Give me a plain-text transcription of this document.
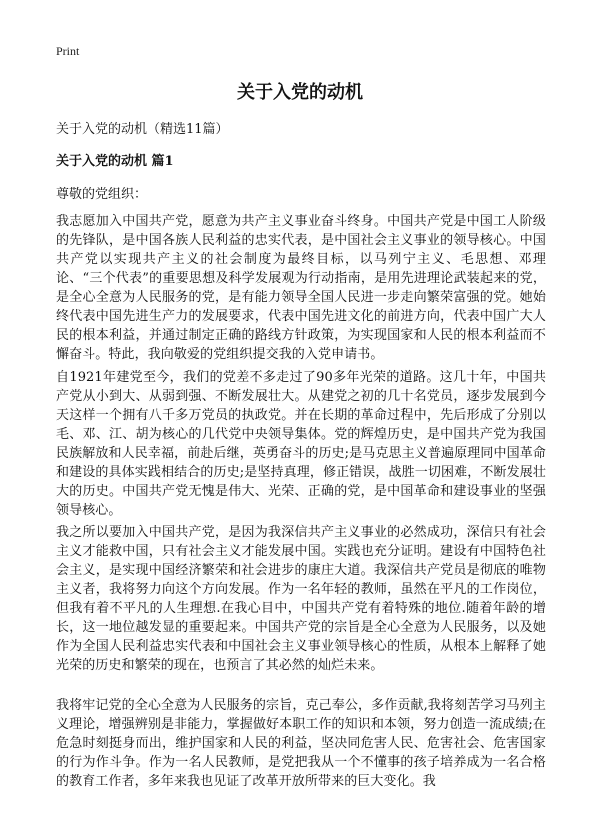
Print
关于入党的动机

关于入党的动机（精选11篇）

关于入党的动机 篇1

尊敬的党组织：

我志愿加入中国共产党，愿意为共产主义事业奋斗终身。中国共产党是中国工人阶级的先锋队，是中国各族人民利益的忠实代表，是中国社会主义事业的领导核心。中国共产党以实现共产主义的社会制度为最终目标，以马列宁主义、毛思想、邓理论、“三个代表”的重要思想及科学发展观为行动指南，是用先进理论武装起来的党，是全心全意为人民服务的党，是有能力领导全国人民进一步走向繁荣富强的党。她始终代表中国先进生产力的发展要求，代表中国先进文化的前进方向，代表中国广大人民的根本利益，并通过制定正确的路线方针政策，为实现国家和人民的根本利益而不懈奋斗。特此，我向敬爱的党组织提交我的入党申请书。

自1921年建党至今，我们的党差不多走过了90多年光荣的道路。这几十年，中国共产党从小到大、从弱到强、不断发展壮大。从建党之初的几十名党员，逐步发展到今天这样一个拥有八千多万党员的执政党。并在长期的革命过程中，先后形成了分别以毛、邓、江、胡为核心的几代党中央领导集体。党的辉煌历史，是中国共产党为我国民族解放和人民幸福，前赴后继，英勇奋斗的历史;是马克思主义普遍原理同中国革命和建设的具体实践相结合的历史;是坚持真理，修正错误，战胜一切困难，不断发展壮大的历史。中国共产党无愧是伟大、光荣、正确的党，是中国革命和建设事业的坚强领导核心。

我之所以要加入中国共产党，是因为我深信共产主义事业的必然成功，深信只有社会主义才能救中国，只有社会主义才能发展中国。实践也充分证明。建设有中国特色社会主义，是实现中国经济繁荣和社会进步的康庄大道。我深信共产党员是彻底的唯物主义者，我将努力向这个方向发展。作为一名年轻的教师，虽然在平凡的工作岗位，但我有着不平凡的人生理想.在我心目中，中国共产党有着特殊的地位.随着年龄的增长，这一地位越发显的重要起来。中国共产党的宗旨是全心全意为人民服务，以及她作为全国人民利益忠实代表和中国社会主义事业领导核心的性质，从根本上解释了她光荣的历史和繁荣的现在，也预言了其必然的灿烂未来。

我将牢记党的全心全意为人民服务的宗旨，克己奉公，多作贡献,我将刻苦学习马列主义理论，增强辨别是非能力，掌握做好本职工作的知识和本领，努力创造一流成绩;在危急时刻挺身而出，维护国家和人民的利益，坚决同危害人民、危害社会、危害国家的行为作斗争。作为一名人民教师，是党把我从一个不懂事的孩子培养成为一名合格的教育工作者，多年来我也见证了改革开放所带来的巨大变化。我
